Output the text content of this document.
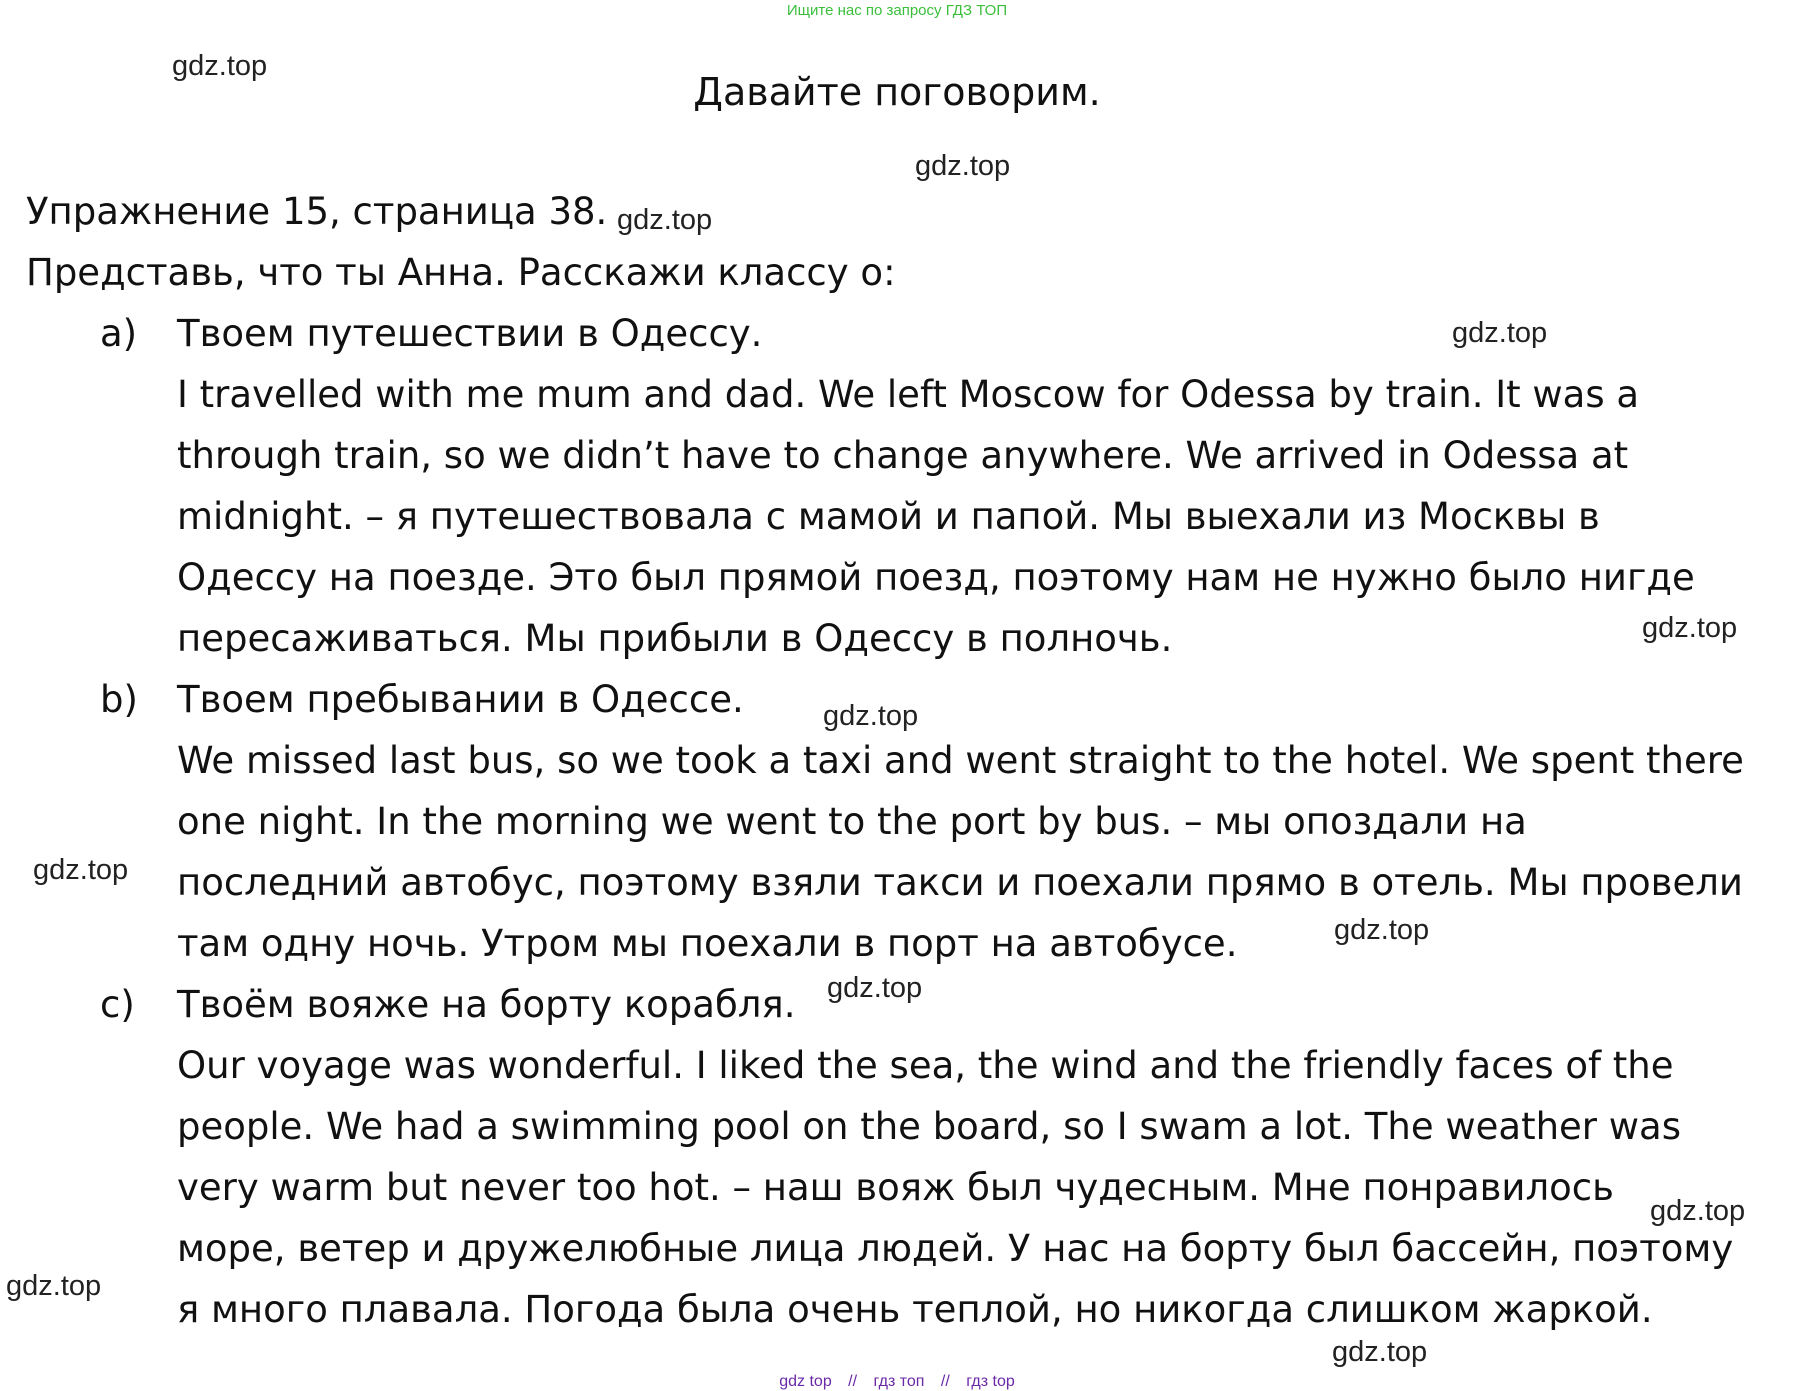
Ищите нас по запросу ГДЗ ТОП
Давайте поговорим.
Упражнение 15, страница 38.
Представь, что ты Анна. Расскажи классу о:
a) Твоем путешествии в Одессу.
I travelled with me mum and dad. We left Moscow for Odessa by train. It was a
through train, so we didn’t have to change anywhere. We arrived in Odessa at
midnight. – я путешествовала с мамой и папой. Мы выехали из Москвы в
Одессу на поезде. Это был прямой поезд, поэтому нам не нужно было нигде
пересаживаться. Мы прибыли в Одессу в полночь.
b) Твоем пребывании в Одессе.
We missed last bus, so we took a taxi and went straight to the hotel. We spent there
one night. In the morning we went to the port by bus. – мы опоздали на
последний автобус, поэтому взяли такси и поехали прямо в отель. Мы провели
там одну ночь. Утром мы поехали в порт на автобусе.
c) Твоём вояже на борту корабля.
Our voyage was wonderful. I liked the sea, the wind and the friendly faces of the
people. We had a swimming pool on the board, so I swam a lot. The weather was
very warm but never too hot. – наш вояж был чудесным. Мне понравилось
море, ветер и дружелюбные лица людей. У нас на борту был бассейн, поэтому
я много плавала. Погода была очень теплой, но никогда слишком жаркой.
gdz.top
gdz.top
gdz.top
gdz.top
gdz.top
gdz.top
gdz.top
gdz.top
gdz.top
gdz.top
gdz.top
gdz.top
gdz top // гдз топ // гдз top
